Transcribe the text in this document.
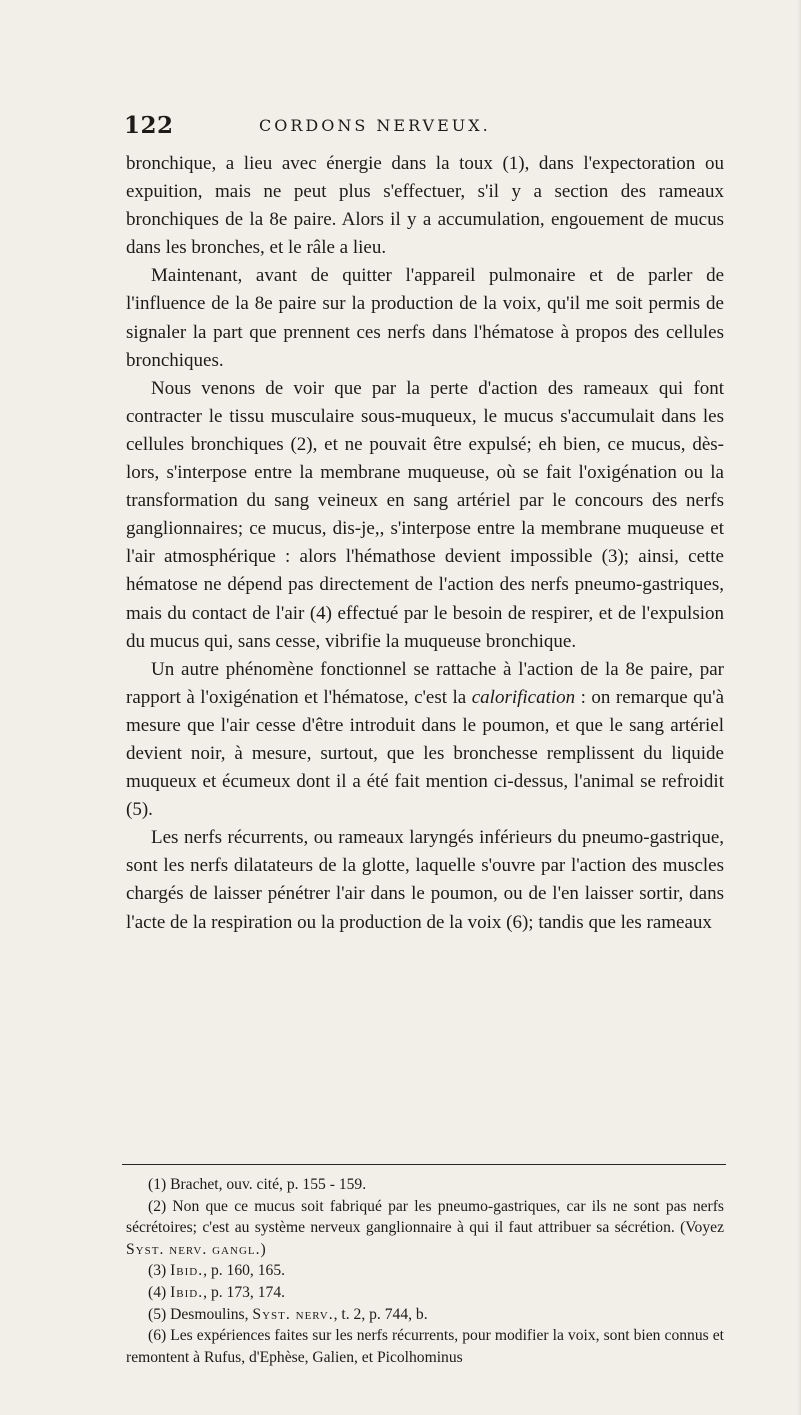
122	CORDONS NERVEUX.

bronchique, a lieu avec énergie dans la toux (1), dans l'expectoration ou expuition, mais ne peut plus s'effectuer, s'il y a section des rameaux bronchiques de la 8e paire. Alors il y a accumulation, engouement de mucus dans les bronches, et le râle a lieu.

Maintenant, avant de quitter l'appareil pulmonaire et de parler de l'influence de la 8e paire sur la production de la voix, qu'il me soit permis de signaler la part que prennent ces nerfs dans l'hématose à propos des cellules bronchiques.

Nous venons de voir que par la perte d'action des rameaux qui font contracter le tissu musculaire sous-muqueux, le mucus s'accumulait dans les cellules bronchiques (2), et ne pouvait être expulsé; eh bien, ce mucus, dès-lors, s'interpose entre la membrane muqueuse, où se fait l'oxigénation ou la transformation du sang veineux en sang artériel par le concours des nerfs ganglionnaires; ce mucus, dis-je,, s'interpose entre la membrane muqueuse et l'air atmosphérique : alors l'hémathose devient impossible (3); ainsi, cette hématose ne dépend pas directement de l'action des nerfs pneumo-gastriques, mais du contact de l'air (4) effectué par le besoin de respirer, et de l'expulsion du mucus qui, sans cesse, vibrifie la muqueuse bronchique.

Un autre phénomène fonctionnel se rattache à l'action de la 8e paire, par rapport à l'oxigénation et l'hématose, c'est la calorification : on remarque qu'à mesure que l'air cesse d'être introduit dans le poumon, et que le sang artériel devient noir, à mesure, surtout, que les bronchesse remplissent du liquide muqueux et écumeux dont il a été fait mention ci-dessus, l'animal se refroidit (5).

Les nerfs récurrents, ou rameaux laryngés inférieurs du pneumo-gastrique, sont les nerfs dilatateurs de la glotte, laquelle s'ouvre par l'action des muscles chargés de laisser pénétrer l'air dans le poumon, ou de l'en laisser sortir, dans l'acte de la respiration ou la production de la voix (6); tandis que les rameaux

(1) Brachet, ouv. cité, p. 155 - 159.

(2) Non que ce mucus soit fabriqué par les pneumo-gastriques, car ils ne sont pas nerfs sécrétoires; c'est au système nerveux ganglionnaire à qui il faut attribuer sa sécrétion. (Voyez Syst. nerv. gangl.)

(3) Ibid., p. 160, 165.

(4) Ibid., p. 173, 174.

(5) Desmoulins, Syst. nerv., t. 2, p. 744, b.

(6) Les expériences faites sur les nerfs récurrents, pour modifier la voix, sont bien connus et remontent à Rufus, d'Ephèse, Galien, et Picolhominus
